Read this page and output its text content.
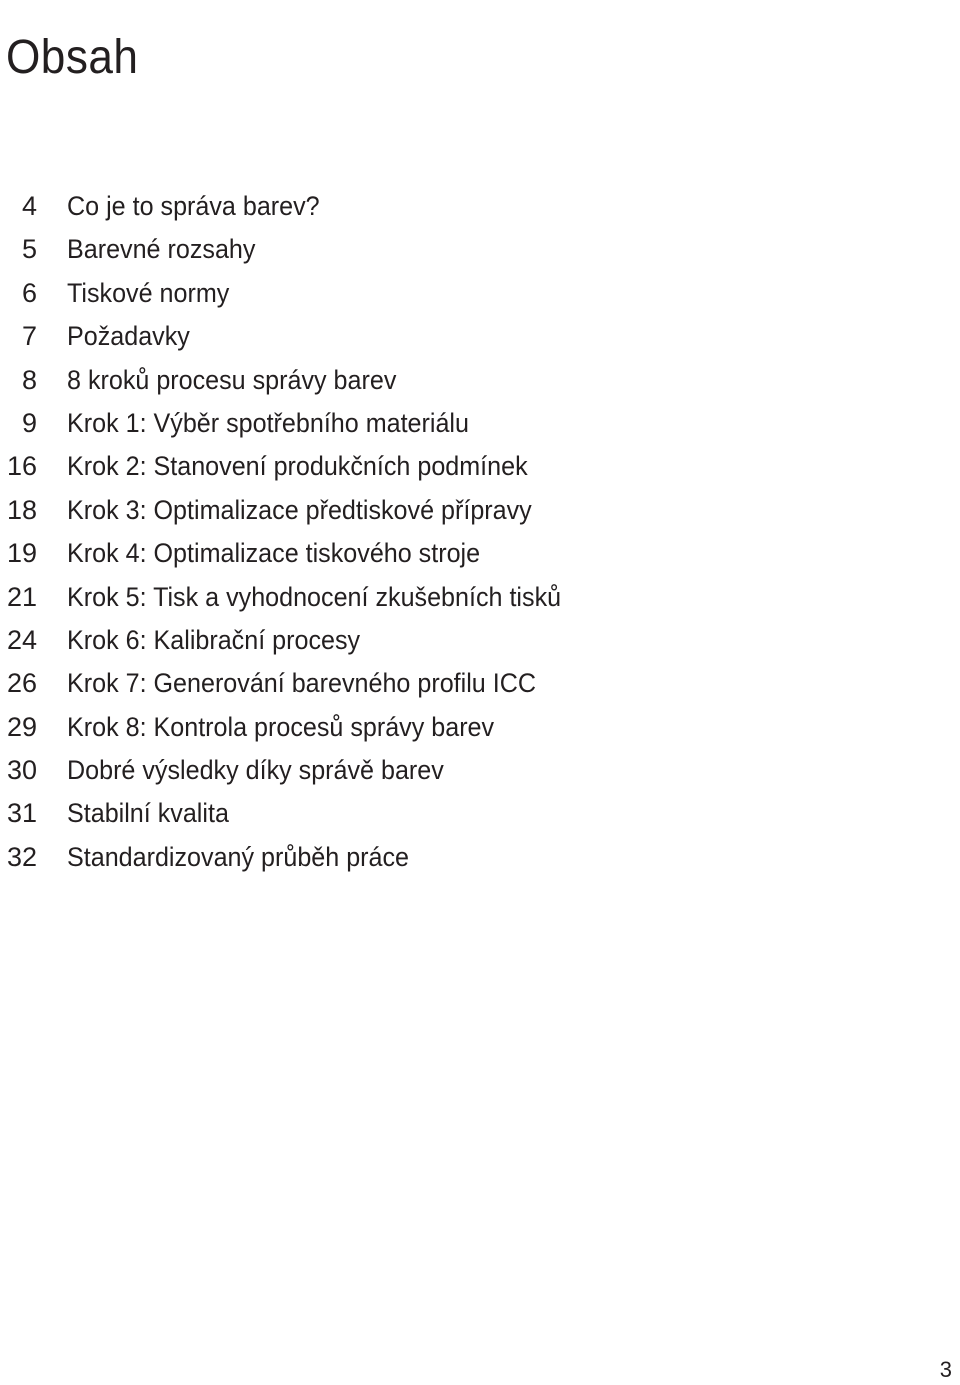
Obsah
4 Co je to správa barev?
5 Barevné rozsahy
6 Tiskové normy
7 Požadavky
8 8 kroků procesu správy barev
9 Krok 1: Výběr spotřebního materiálu
16 Krok 2: Stanovení produkčních podmínek
18 Krok 3: Optimalizace předtiskové přípravy
19 Krok 4: Optimalizace tiskového stroje
21 Krok 5: Tisk a vyhodnocení zkušebních tisků
24 Krok 6: Kalibrační procesy
26 Krok 7: Generování barevného profilu ICC
29 Krok 8: Kontrola procesů správy barev
30 Dobré výsledky díky správě barev
31 Stabilní kvalita
32 Standardizovaný průběh práce
3
